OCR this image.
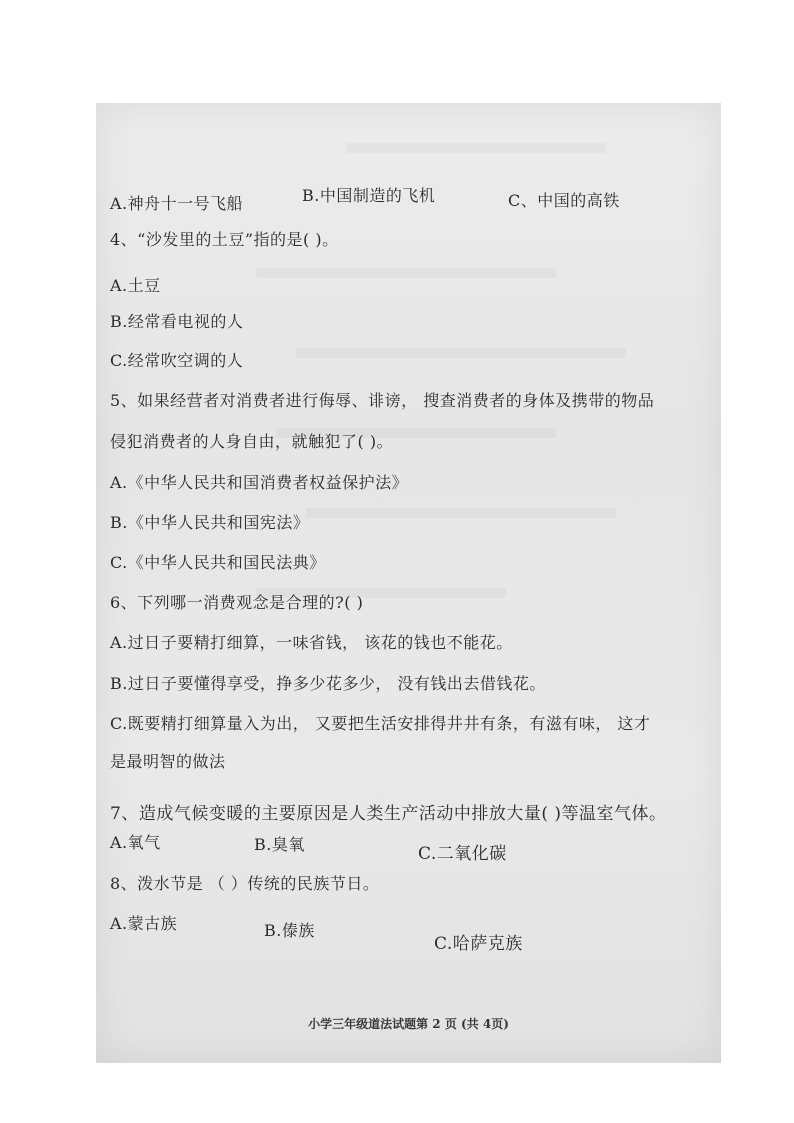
A.神舟十一号飞船	B.中国制造的飞机	C、中国的高铁
4、“沙发里的土豆”指的是( )。
A.土豆
B.经常看电视的人
C.经常吹空调的人
5、如果经营者对消费者进行侮辱、诽谤， 搜查消费者的身体及携带的物品
侵犯消费者的人身自由，就触犯了( )。
A.《中华人民共和国消费者权益保护法》
B.《中华人民共和国宪法》
C.《中华人民共和国民法典》
6、下列哪一消费观念是合理的?( )
A.过日子要精打细算，一味省钱， 该花的钱也不能花。
B.过日子要懂得享受，挣多少花多少， 没有钱出去借钱花。
C.既要精打细算量入为出， 又要把生活安排得井井有条，有滋有味， 这才
是最明智的做法
7、造成气候变暖的主要原因是人类生产活动中排放大量( )等温室气体。
A.氧气	B.臭氧	C.二氧化碳
8、泼水节是 （ ）传统的民族节日。
A.蒙古族	B.傣族
C.哈萨克族
小学三年级道法试题第 2 页 (共 4页)
